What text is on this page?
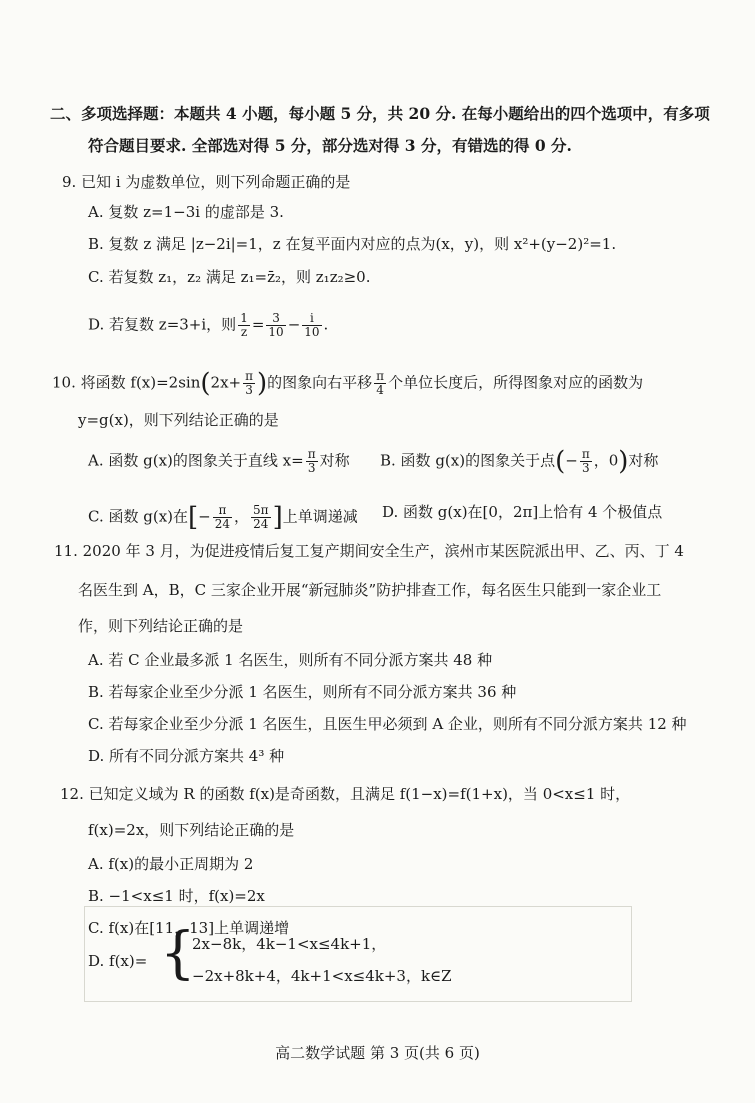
二、多项选择题：本题共 4 小题，每小题 5 分，共 20 分. 在每小题给出的四个选项中，有多项
符合题目要求. 全部选对得 5 分，部分选对得 3 分，有错选的得 0 分.
9. 已知 i 为虚数单位，则下列命题正确的是
A. 复数 z=1−3i 的虚部是 3.
B. 复数 z 满足 |z−2i|=1，z 在复平面内对应的点为(x，y)，则 x²+(y−2)²=1.
C. 若复数 z₁，z₂ 满足 z₁=z̄₂，则 z₁z₂≥0.
D. 若复数 z=3+i，则 $\frac{1}{z} = \frac{3}{10} - \frac{i}{10}$ .
10. 将函数 $f(x)=2\sin(2x+ \frac{\pi}{3}$ )的图象向右平移 $\frac{\pi}{4}$ 个单位长度后，所得图象对应的函数为
y=g(x)，则下列结论正确的是
A. 函数 g(x)的图象关于直线 $x= \frac{\pi}{3}$ 对称 B. 函数 g(x)的图象关于点(− $\frac{\pi}{3}$ ，0)对称
C. 函数 g(x)在[− $\frac{\pi}{24}$ ， $\frac{5\pi}{24}$ ]上单调递减 D. 函数 g(x)在[0，2π]上恰有 4 个极值点
11. 2020 年 3 月，为促进疫情后复工复产期间安全生产，滨州市某医院派出甲、乙、丙、丁 4
名医生到 A，B，C 三家企业开展“新冠肺炎”防护排查工作，每名医生只能到一家企业工
作，则下列结论正确的是
A. 若 C 企业最多派 1 名医生，则所有不同分派方案共 48 种
B. 若每家企业至少分派 1 名医生，则所有不同分派方案共 36 种
C. 若每家企业至少分派 1 名医生，且医生甲必须到 A 企业，则所有不同分派方案共 12 种
D. 所有不同分派方案共 4³ 种
12. 已知定义域为 R 的函数 f(x)是奇函数，且满足 f(1−x)=f(1+x)，当 0<x≤1 时，
f(x)=2x，则下列结论正确的是
A. f(x)的最小正周期为 2
B. −1<x≤1 时，f(x)=2x
C. f(x)在[11，13]上单调递增
D. f(x)= {
2x−8k，4k−1<x≤4k+1，
−2x+8k+4，4k+1<x≤4k+3，k∈Z
高二数学试题 第 3 页(共 6 页)
